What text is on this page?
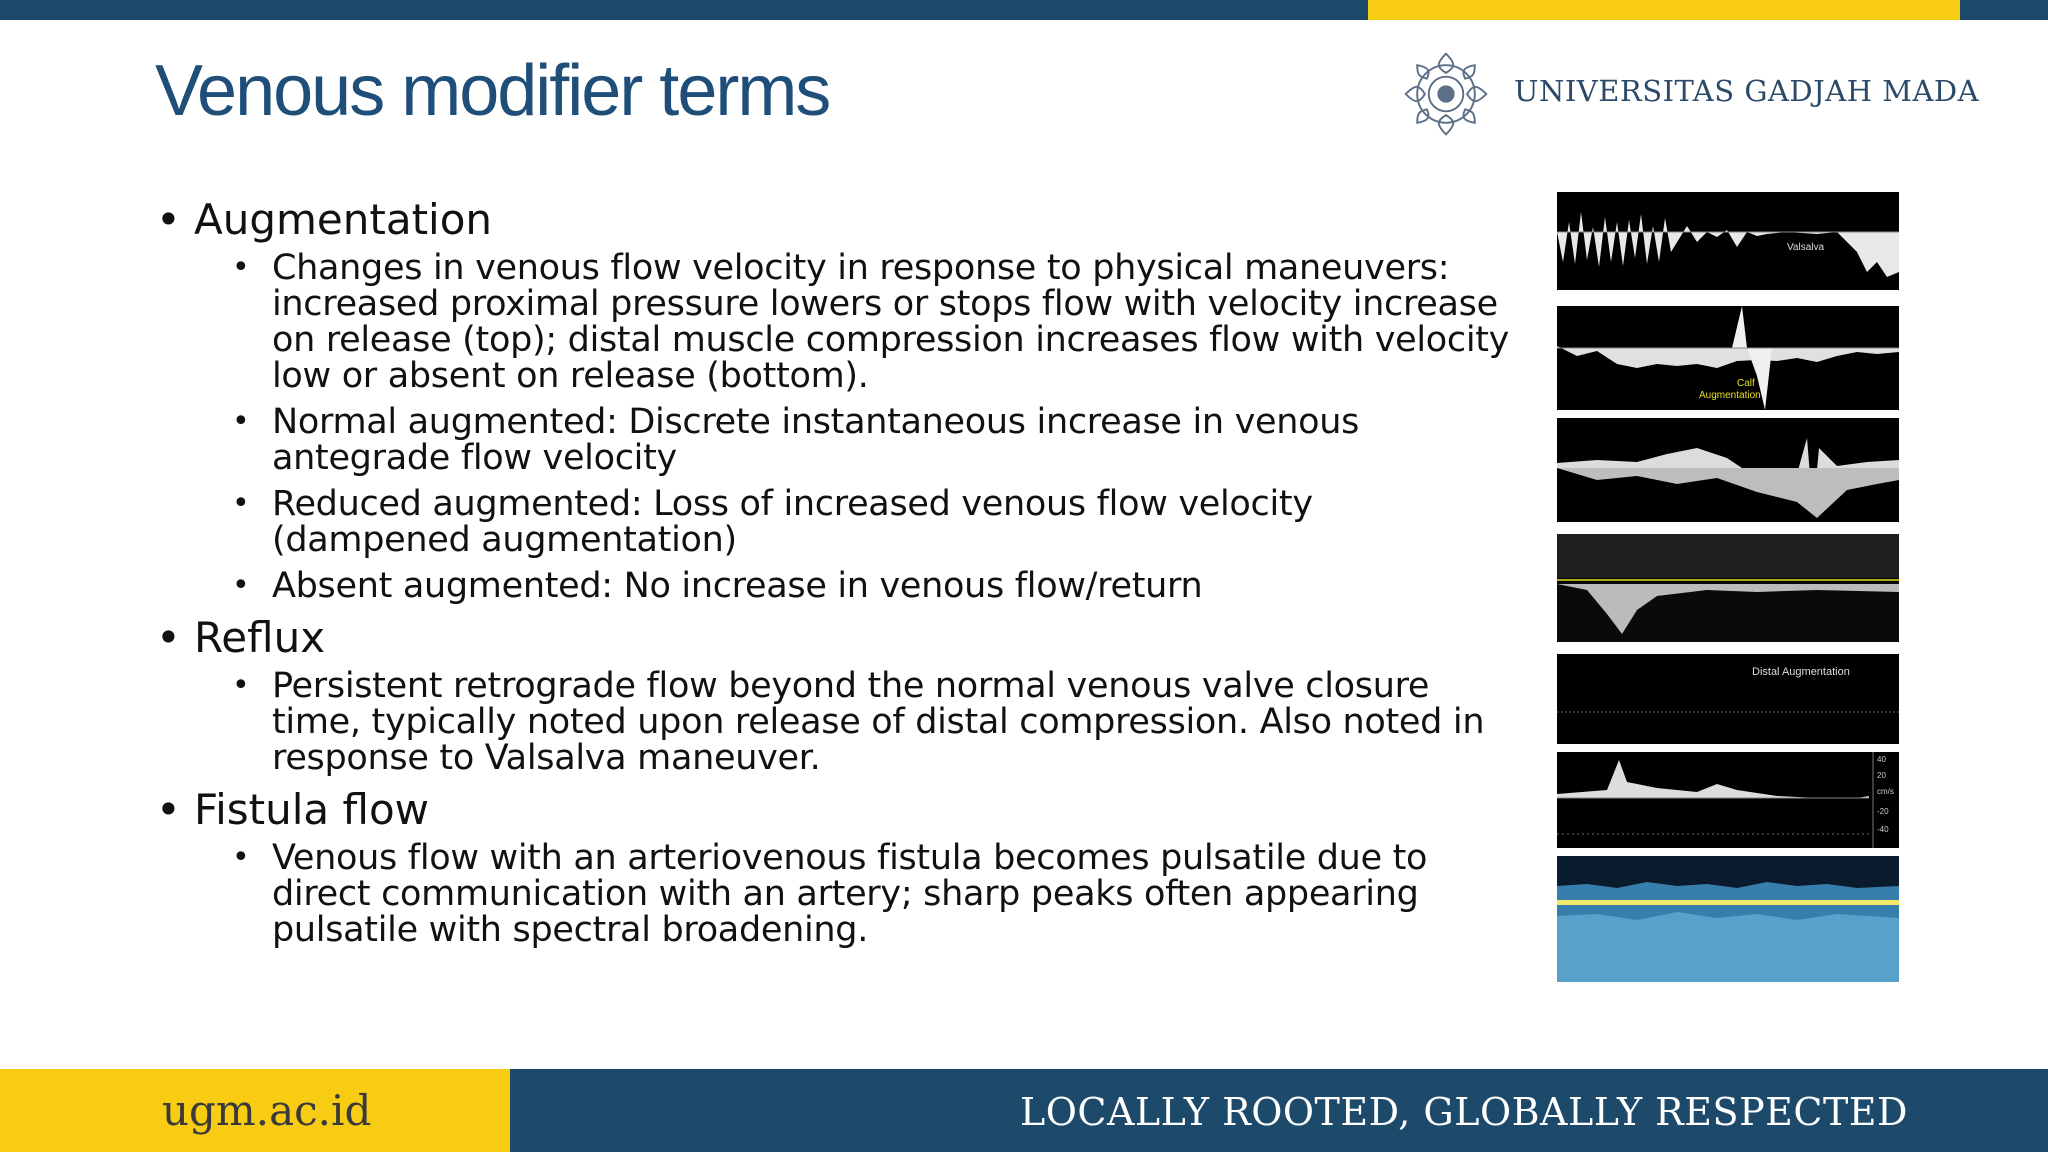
Venous modifier terms	UNIVERSITAS GADJAH MADA
• Augmentation
• Changes in venous flow velocity in response to physical maneuvers: increased proximal pressure lowers or stops flow with velocity increase on release (top); distal muscle compression increases flow with velocity low or absent on release (bottom).
• Normal augmented: Discrete instantaneous increase in venous antegrade flow velocity
• Reduced augmented: Loss of increased venous flow velocity (dampened augmentation)
• Absent augmented: No increase in venous flow/return
• Reflux
• Persistent retrograde flow beyond the normal venous valve closure time, typically noted upon release of distal compression. Also noted in response to Valsalva maneuver.
• Fistula flow
• Venous flow with an arteriovenous fistula becomes pulsatile due to direct communication with an artery; sharp peaks often appearing pulsatile with spectral broadening.
Valsalva
Calf
Augmentation
Distal Augmentation
40
20
cm/s
-20
-40
ugm.ac.id	LOCALLY ROOTED, GLOBALLY RESPECTED
